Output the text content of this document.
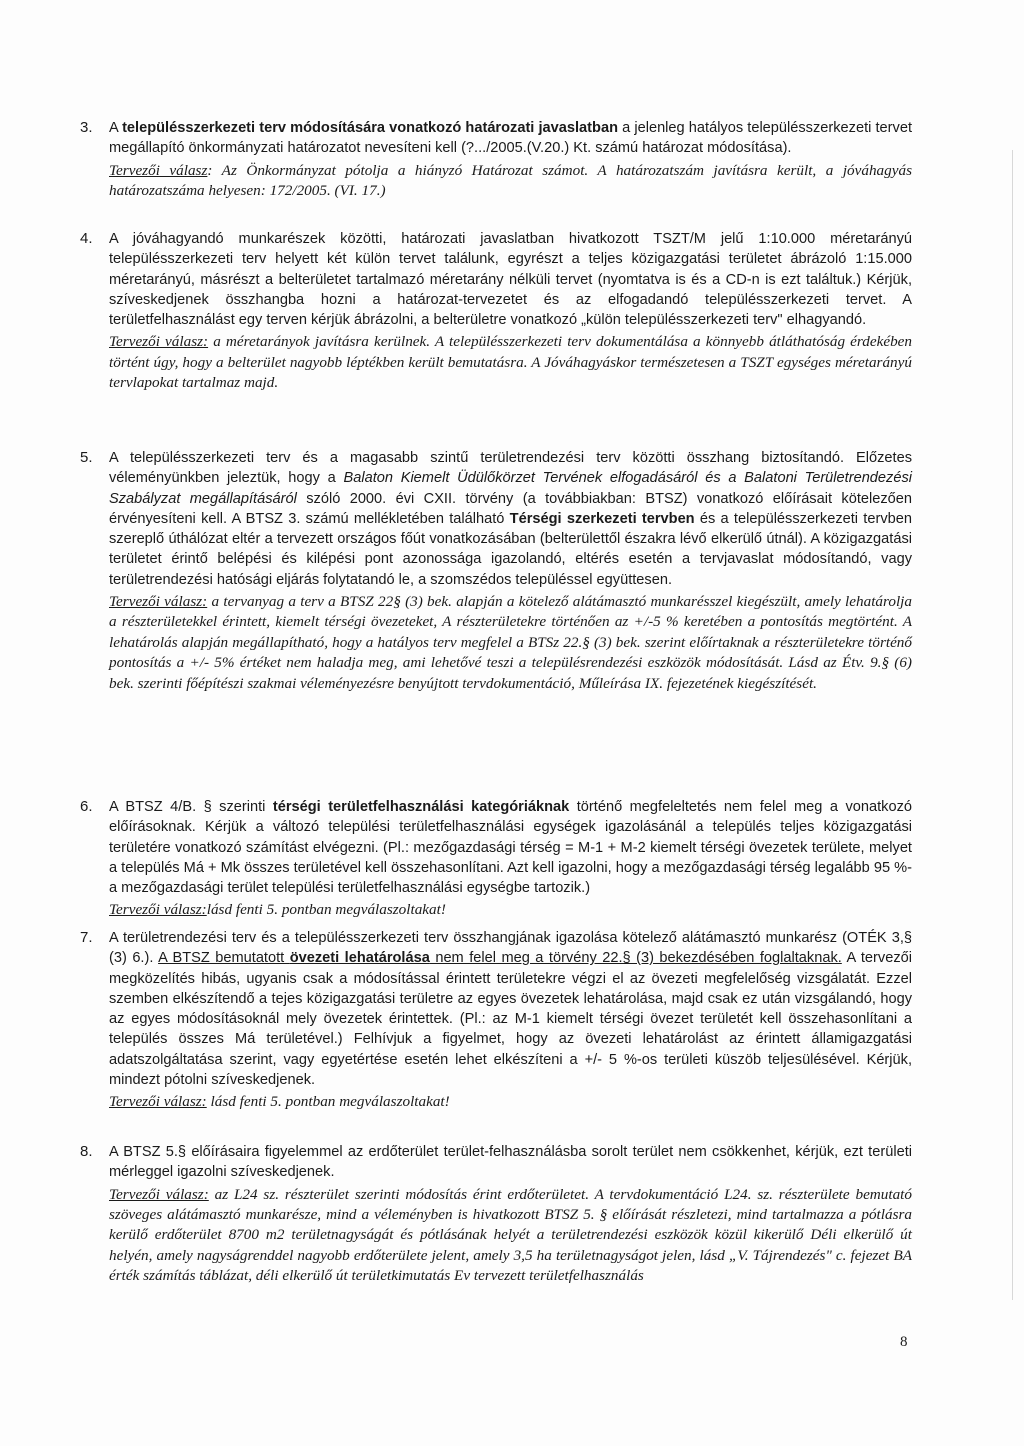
3.	A településszerkezeti terv módosítására vonatkozó határozati javaslatban a jelenleg hatályos településszerkezeti tervet megállapító önkormányzati határozatot nevesíteni kell (?.../2005.(V.20.) Kt. számú határozat módosítása).
Tervezői válasz: Az Önkormányzat pótolja a hiányzó Határozat számot. A határozatszám javításra került, a jóváhagyás határozatszáma helyesen: 172/2005. (VI. 17.)
4.	A jóváhagyandó munkarészek közötti, határozati javaslatban hivatkozott TSZT/M jelű 1:10.000 méretarányú településszerkezeti terv helyett két külön tervet találunk, egyrészt a teljes közigazgatási területet ábrázoló 1:15.000 méretarányú, másrészt a belterületet tartalmazó méretarány nélküli tervet (nyomtatva is és a CD-n is ezt találtuk.) Kérjük, szíveskedjenek összhangba hozni a határozat-tervezetet és az elfogadandó településszerkezeti tervet. A területfelhasználást egy terven kérjük ábrázolni, a belterületre vonatkozó „külön településszerkezeti terv" elhagyandó.
Tervezői válasz: a méretarányok javításra kerülnek. A településszerkezeti terv dokumentálása a könnyebb átláthatóság érdekében történt úgy, hogy a belterület nagyobb léptékben került bemutatásra. A Jóváhagyáskor természetesen a TSZT egységes méretarányú tervlapokat tartalmaz majd.
5.	A településszerkezeti terv és a magasabb szintű területrendezési terv közötti összhang biztosítandó. Előzetes véleményünkben jeleztük, hogy a Balaton Kiemelt Üdülőkörzet Tervének elfogadásáról és a Balatoni Területrendezési Szabályzat megállapításáról szóló 2000. évi CXII. törvény (a továbbiakban: BTSZ) vonatkozó előírásait kötelezően érvényesíteni kell. A BTSZ 3. számú mellékletében található Térségi szerkezeti tervben és a településszerkezeti tervben szereplő úthálózat eltér a tervezett országos főút vonatkozásában (belterülettől északra lévő elkerülő útnál). A közigazgatási területet érintő belépési és kilépési pont azonossága igazolandó, eltérés esetén a tervjavaslat módosítandó, vagy területrendezési hatósági eljárás folytatandó le, a szomszédos településsel együttesen.
Tervezői válasz: a tervanyag a terv a BTSZ 22§ (3) bek. alapján a kötelező alátámasztó munkarésszel kiegészült, amely lehatárolja a részterületekkel érintett, kiemelt térségi övezeteket, A részterületekre történően az +/-5 % keretében a pontosítás megtörtént. A lehatárolás alapján megállapítható, hogy a hatályos terv megfelel a BTSz 22.§ (3) bek. szerint előírtaknak a részterületekre történő pontosítás a +/- 5% értéket nem haladja meg, ami lehetővé teszi a településrendezési eszközök módosítását. Lásd az Étv. 9.§ (6) bek. szerinti főépítészi szakmai véleményezésre benyújtott tervdokumentáció, Műleírása IX. fejezetének kiegészítését.
6.	A BTSZ 4/B. § szerinti térségi területfelhasználási kategóriáknak történő megfeleltetés nem felel meg a vonatkozó előírásoknak. Kérjük a változó települési területfelhasználási egységek igazolásánál a település teljes közigazgatási területére vonatkozó számítást elvégezni. (Pl.: mezőgazdasági térség = M-1 + M-2 kiemelt térségi övezetek területe, melyet a település Má + Mk összes területével kell összehasonlítani. Azt kell igazolni, hogy a mezőgazdasági térség legalább 95 %-a mezőgazdasági terület települési területfelhasználási egységbe tartozik.)
Tervezői válasz:lásd fenti 5. pontban megválaszoltakat!
7.	A területrendezési terv és a településszerkezeti terv összhangjának igazolása kötelező alátámasztó munkarész (OTÉK 3,§ (3) 6.). A BTSZ bemutatott övezeti lehatárolása nem felel meg a törvény 22.§ (3) bekezdésében foglaltaknak. A tervezői megközelítés hibás, ugyanis csak a módosítással érintett területekre végzi el az övezeti megfelelőség vizsgálatát. Ezzel szemben elkészítendő a tejes közigazgatási területre az egyes övezetek lehatárolása, majd csak ez után vizsgálandó, hogy az egyes módosításoknál mely övezetek érintettek. (Pl.: az M-1 kiemelt térségi övezet területét kell összehasonlítani a település összes Má területével.) Felhívjuk a figyelmet, hogy az övezeti lehatárolást az érintett államigazgatási adatszolgáltatása szerint, vagy egyetértése esetén lehet elkészíteni a +/- 5 %-os területi küszöb teljesülésével. Kérjük, mindezt pótolni szíveskedjenek.
Tervezői válasz: lásd fenti 5. pontban megválaszoltakat!
8.	A BTSZ 5.§ előírásaira figyelemmel az erdőterület terület-felhasználásba sorolt terület nem csökkenhet, kérjük, ezt területi mérleggel igazolni szíveskedjenek.
Tervezői válasz: az L24 sz. részterület szerinti módosítás érint erdőterületet. A tervdokumentáció L24. sz. részterülete bemutató szöveges alátámasztó munkarésze, mind a véleményben is hivatkozott BTSZ 5. § előírását részletezi, mind tartalmazza a pótlásra kerülő erdőterület 8700 m2 területnagyságát és pótlásának helyét a területrendezési eszközök közül kikerülő Déli elkerülő út helyén, amely nagyságrenddel nagyobb erdőterülete jelent, amely 3,5 ha területnagyságot jelen, lásd „V. Tájrendezés" c. fejezet BA érték számítás táblázat, déli elkerülő út területkimutatás Ev tervezett területfelhasználás
8
